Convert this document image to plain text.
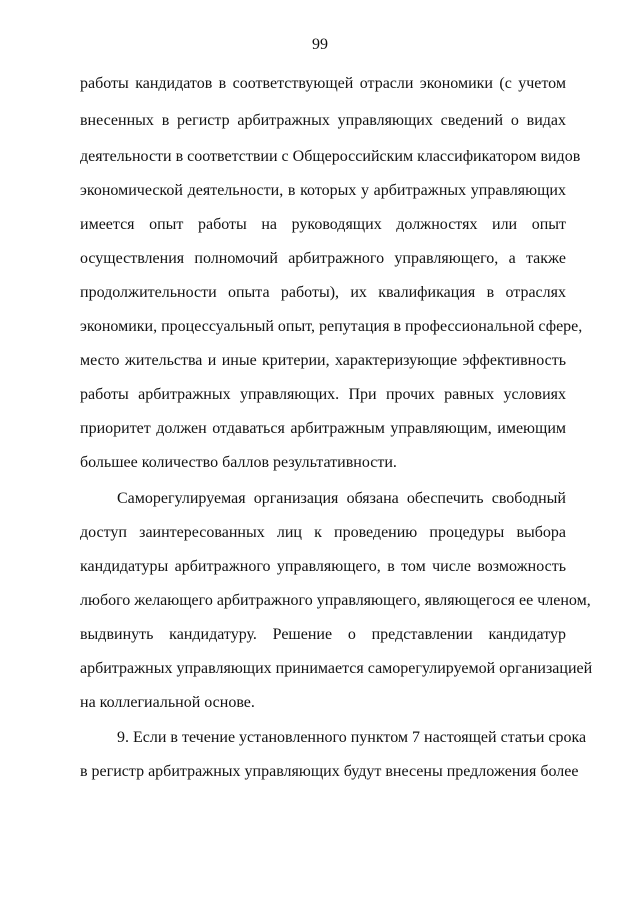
99
работы кандидатов в соответствующей отрасли экономики (с учетом
внесенных в регистр арбитражных управляющих сведений о видах
деятельности в соответствии с Общероссийским классификатором видов
экономической деятельности, в которых у арбитражных управляющих
имеется опыт работы на руководящих должностях или опыт
осуществления полномочий арбитражного управляющего, а также
продолжительности опыта работы), их квалификация в отраслях
экономики, процессуальный опыт, репутация в профессиональной сфере,
место жительства и иные критерии, характеризующие эффективность
работы арбитражных управляющих. При прочих равных условиях
приоритет должен отдаваться арбитражным управляющим, имеющим
большее количество баллов результативности.
Саморегулируемая организация обязана обеспечить свободный
доступ заинтересованных лиц к проведению процедуры выбора
кандидатуры арбитражного управляющего, в том числе возможность
любого желающего арбитражного управляющего, являющегося ее членом,
выдвинуть кандидатуру. Решение о представлении кандидатур
арбитражных управляющих принимается саморегулируемой организацией
на коллегиальной основе.
9. Если в течение установленного пунктом 7 настоящей статьи срока
в регистр арбитражных управляющих будут внесены предложения более
